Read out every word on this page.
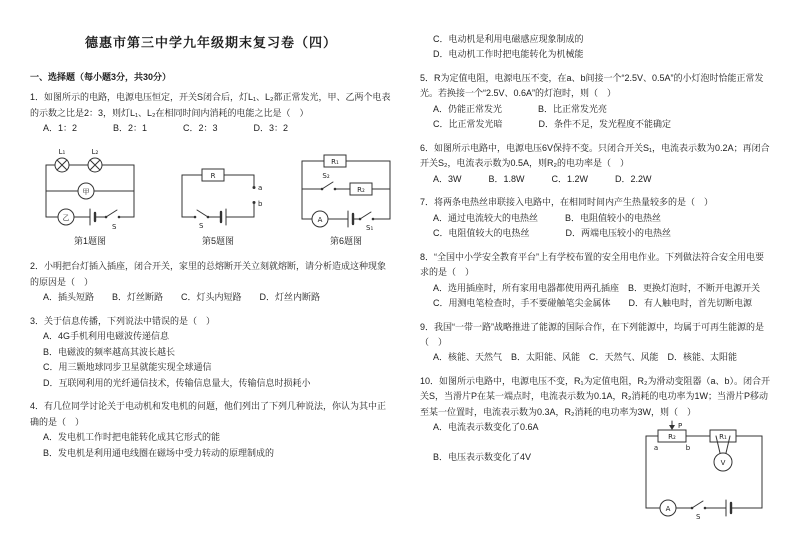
德惠市第三中学九年级期末复习卷（四）
一、选择题（每小题3分，共30分）

1．如图所示的电路，电源电压恒定，开关S闭合后，灯L₁、L₂都正常发光，甲、乙两个电表的示数之比是2：3，则灯L₁、L₂在相同时间内消耗的电能之比是（　）

A．1：2　　　　B．2：1　　　　C．2：3　　　　D．3：2

L₁	L₂
甲
乙
S
第1题图
R
a
b
S
第5题图
R₁
R₂
S₂
S₁
A
第6题图

2．小明把台灯插入插座，闭合开关，家里的总熔断开关立刻就熔断，请分析造成这种现象的原因是（　）

A．插头短路　　B．灯丝断路　　C．灯头内短路　　D．灯丝内断路

3．关于信息传播，下列说法中错误的是（　）

A．4G手机利用电磁波传递信息

B．电磁波的频率越高其波长越长

C．用三颗地球同步卫星就能实现全球通信

D．互联网利用的光纤通信技术，传输信息量大，传输信息时损耗小

4．有几位同学讨论关于电动机和发电机的问题，他们列出了下列几种说法，你认为其中正确的是（　）

A．发电机工作时把电能转化成其它形式的能

B．发电机是利用通电线圈在磁场中受力转动的原理制成的

C．电动机是利用电磁感应现象制成的

D．电动机工作时把电能转化为机械能

5．R为定值电阻，电源电压不变，在a、b间接一个“2.5V、0.5A”的小灯泡时恰能正常发光。若换接一个“2.5V、0.6A”的灯泡时，则（　）

A．仍能正常发光　　　　B．比正常发光亮

C．比正常发光暗　　　　D．条件不足，发光程度不能确定

6．如图所示电路中，电源电压6V保持不变。只闭合开关S₁，电流表示数为0.2A；再闭合开关S₂，电流表示数为0.5A，则R₂的电功率是（　）

A．3W　　　B．1.8W　　　C．1.2W　　　D．2.2W

7．将两条电热丝串联接入电路中，在相同时间内产生热量较多的是（　）

A．通过电流较大的电热丝　　　B．电阻值较小的电热丝

C．电阻值较大的电热丝　　　　D．两端电压较小的电热丝

8．“全国中小学安全教育平台”上有学校布置的安全用电作业。下列做法符合安全用电要求的是（　）

A．选用插座时，所有家用电器都使用两孔插座　B．更换灯泡时，不断开电源开关

C．用测电笔检查时，手不要碰触笔尖金属体　　D．有人触电时，首先切断电源

9．我国“一带一路”战略推进了能源的国际合作，在下列能源中，均属于可再生能源的是（　）

A．核能、天然气　B．太阳能、风能　C．天然气、风能　D．核能、太阳能

10．如图所示电路中，电源电压不变，R₁为定值电阻，R₂为滑动变阻器（a、b）。闭合开关S，当滑片P在某一端点时，电流表示数为0.1A，R₂消耗的电功率为1W；当滑片P移动至某一位置时，电流表示数为0.3A，R₂消耗的电功率为3W，则（　）

A．电流表示数变化了0.6A

B．电压表示数变化了4V

R₂	R₁
V
A
S
P
a	b
